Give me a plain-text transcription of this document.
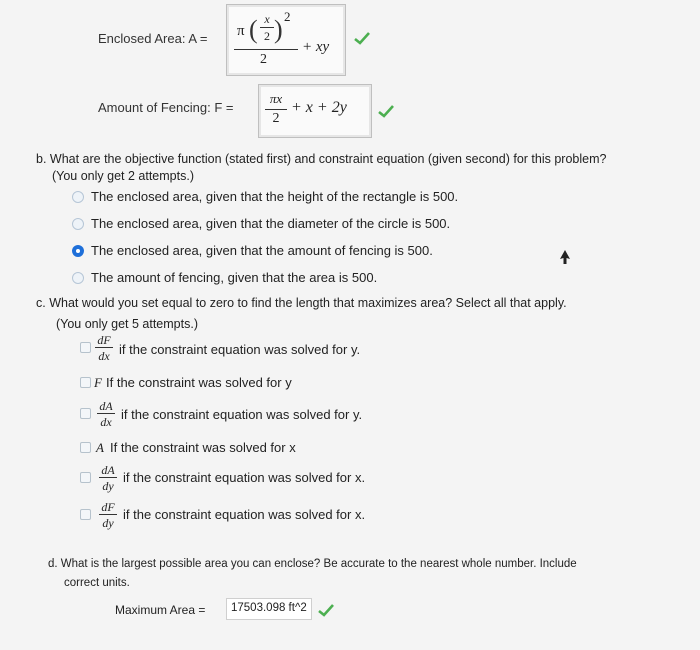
Enclosed Area: A = π ( x
2 ) 2
2
+ xy
Amount of Fencing: F =
πx
2
+ x + 2y
b. What are the objective function (stated first) and constraint equation (given second) for this problem?
(You only get 2 attempts.)
The enclosed area, given that the height of the rectangle is 500.
The enclosed area, given that the diameter of the circle is 500.
The enclosed area, given that the amount of fencing is 500.
The amount of fencing, given that the area is 500.
c. What would you set equal to zero to find the length that maximizes area? Select all that apply.
(You only get 5 attempts.)
dF
dx if the constraint equation was solved for y.
F If the constraint was solved for y
dA
dx if the constraint equation was solved for y.
A If the constraint was solved for x
dA
dy
if the constraint equation was solved for x.
dF
dy
if the constraint equation was solved for x.
d. What is the largest possible area you can enclose? Be accurate to the nearest whole number. Include
correct units.
Maximum Area =	17503.098 ft^2
